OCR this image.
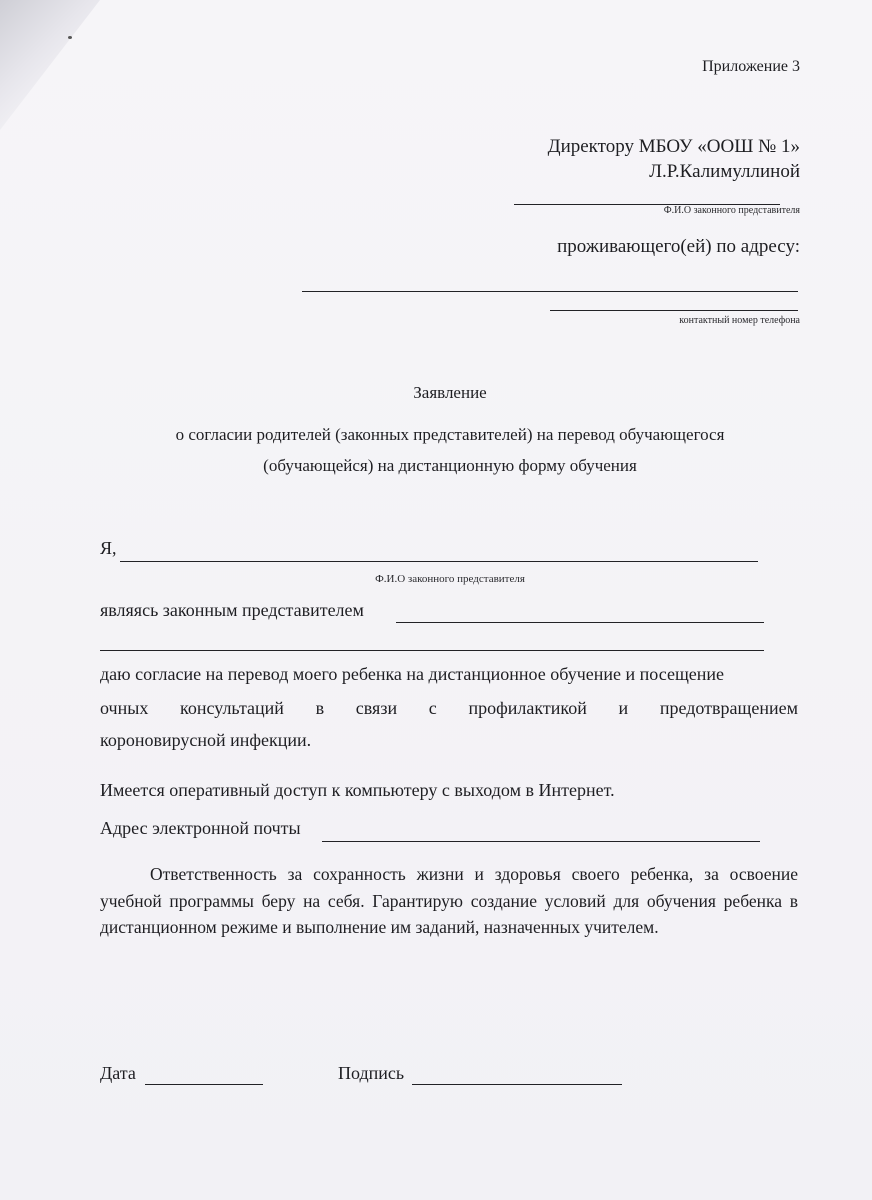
Приложение 3
Директору МБОУ «ООШ № 1»
Л.Р.Калимуллиной
Ф.И.О законного представителя
проживающего(ей) по адресу:
контактный номер телефона
Заявление
о согласии родителей (законных представителей) на перевод обучающегося
(обучающейся) на дистанционную форму обучения
Я,
Ф.И.О законного представителя
являясь законным представителем
даю согласие на перевод моего ребенка на дистанционное обучение и посещение
очных консультаций в связи с профилактикой и предотвращением
короновирусной инфекции.
Имеется оперативный доступ к компьютеру с выходом в Интернет.
Адрес электронной почты
Ответственность за сохранность жизни и здоровья своего ребенка, за освоение учебной программы беру на себя. Гарантирую создание условий для обучения ребенка в дистанционном режиме и выполнение им заданий, назначенных учителем.
Дата	Подпись
